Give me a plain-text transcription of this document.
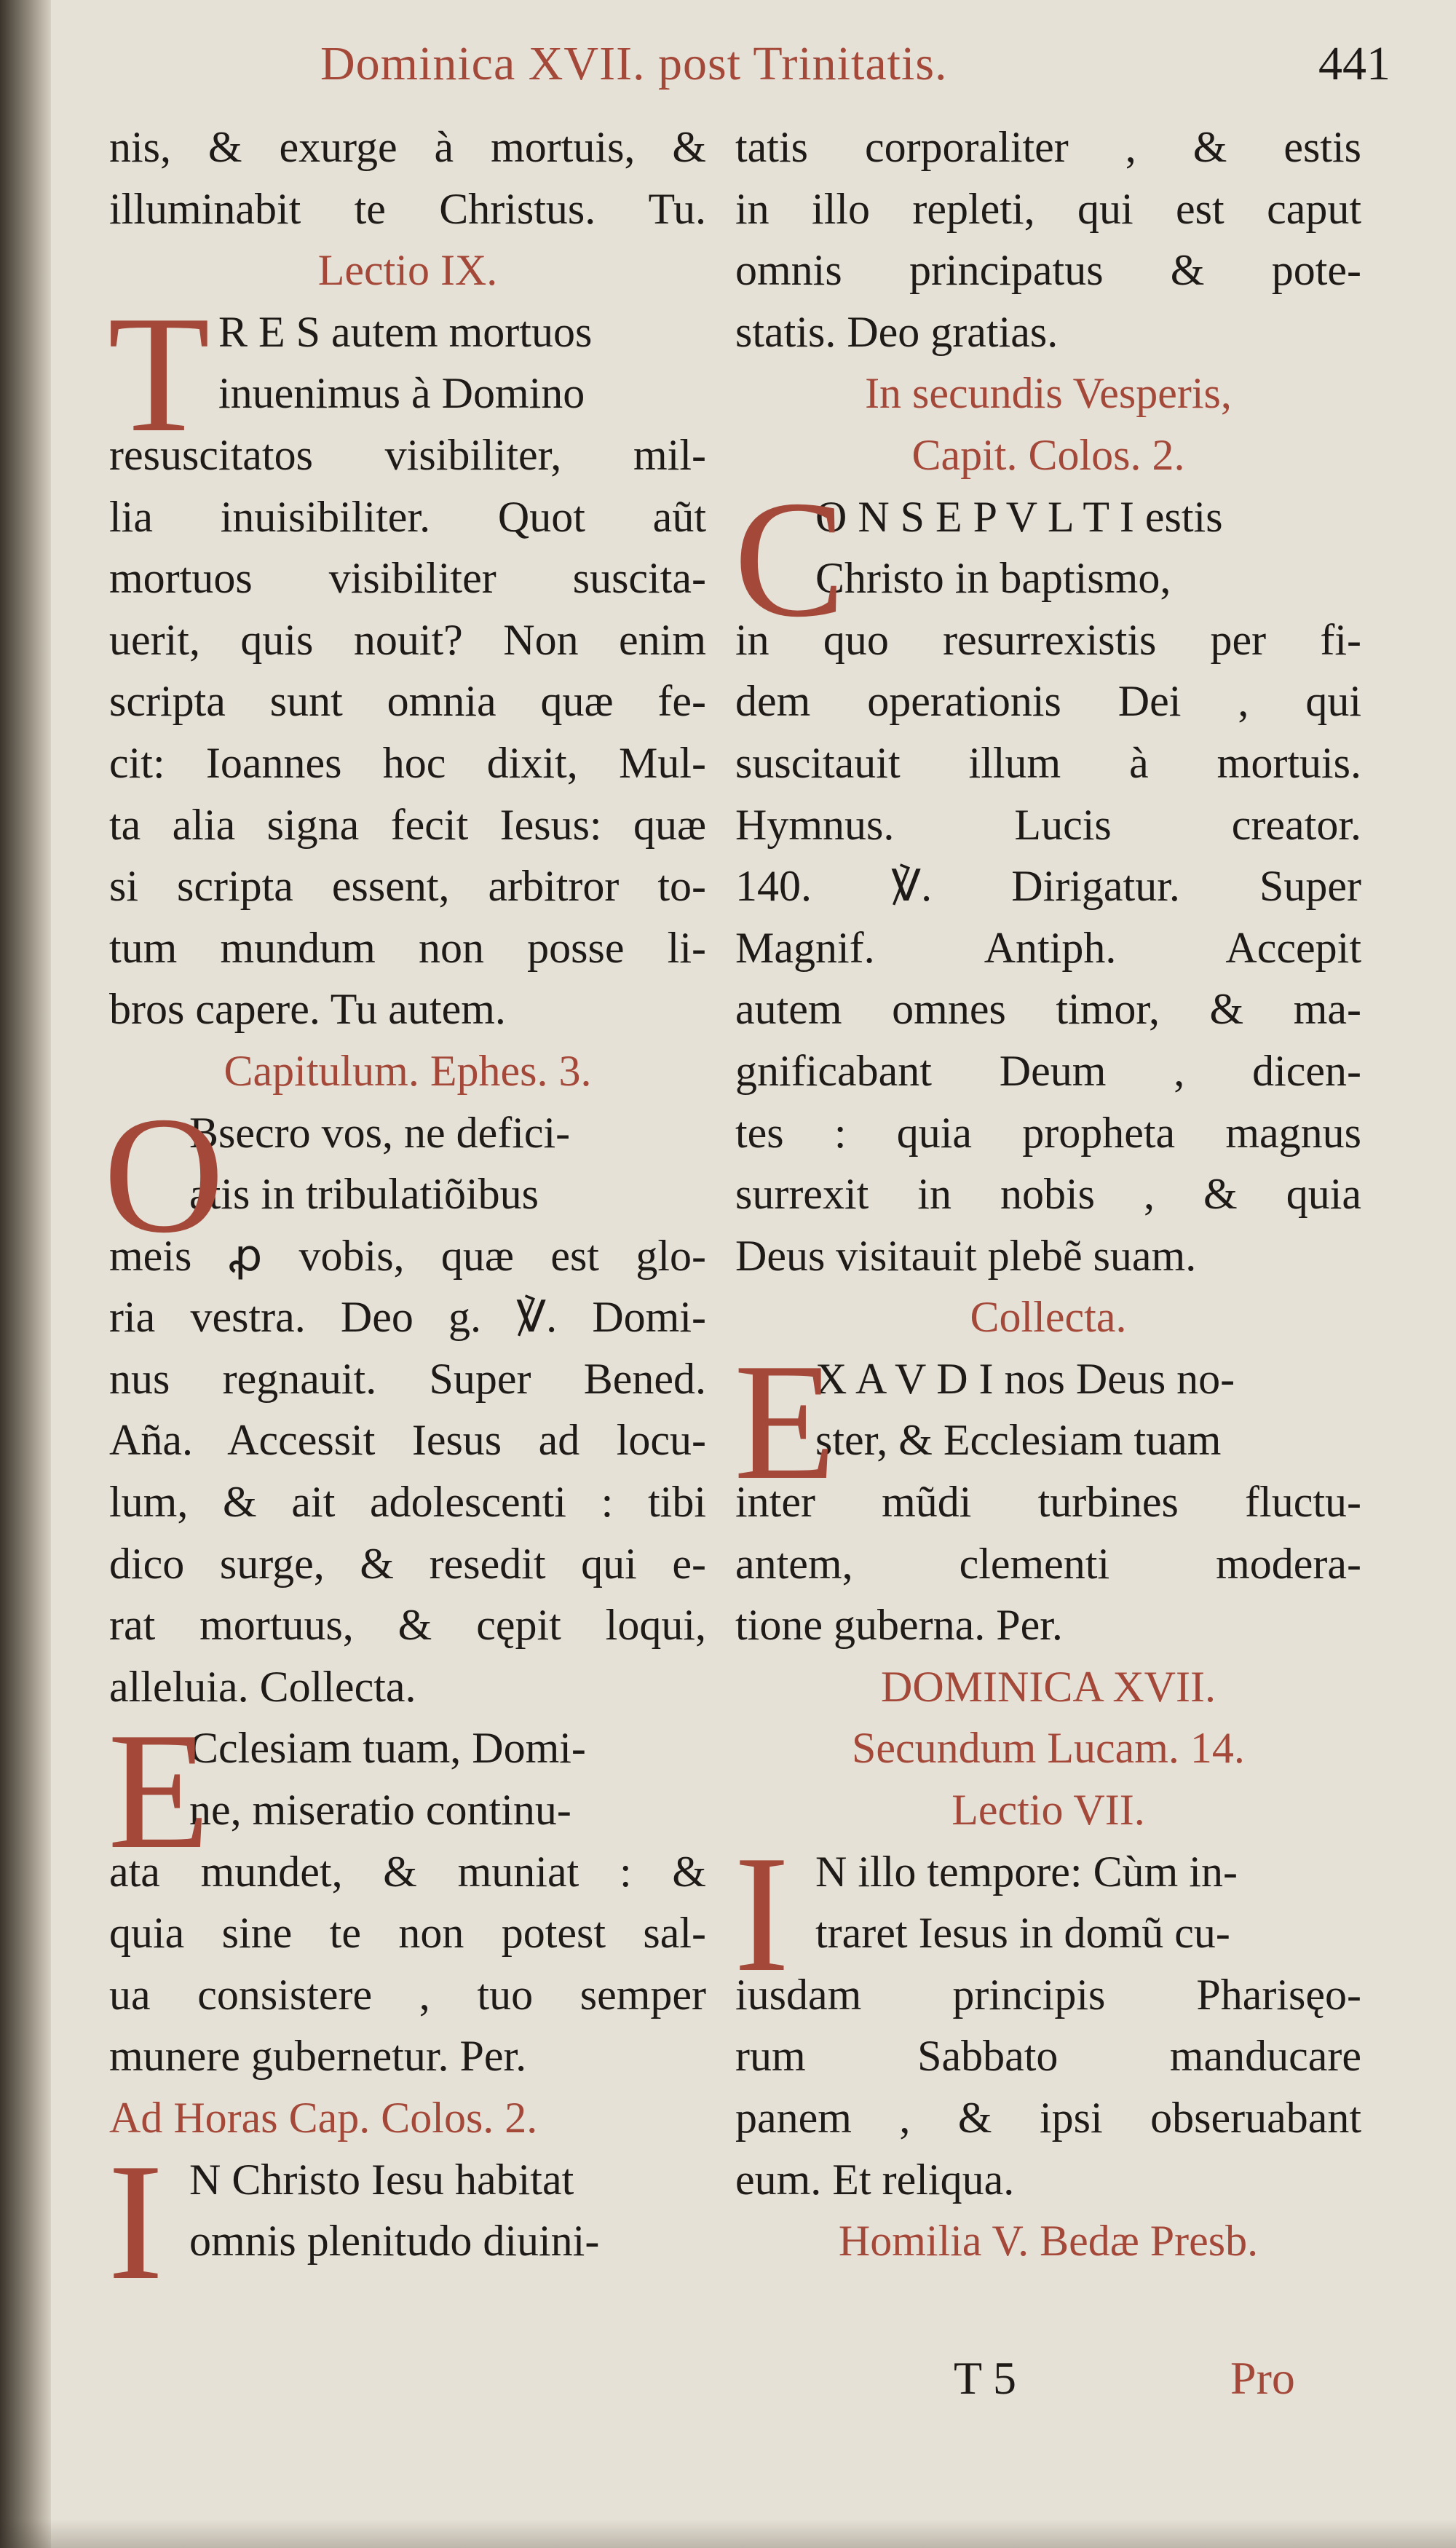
Dominica XVII. post Trinitatis.	441
nis, & exurge à mortuis, &
illuminabit te Christus. Tu.
Lectio IX.
R E S autem mortuos
inuenimus à Domino
resuscitatos visibiliter, mil-
lia inuisibiliter. Quot aũt
mortuos visibiliter suscita-
uerit, quis nouit? Non enim
scripta sunt omnia quæ fe-
cit: Ioannes hoc dixit, Mul-
ta alia signa fecit Iesus: quæ
si scripta essent, arbitror to-
tum mundum non posse li-
bros capere. Tu autem.
Capitulum. Ephes. 3.
Bsecro vos, ne defici-
atis in tribulatiõibus
meis ꝓ vobis, quæ est glo-
ria vestra. Deo g. ℣. Domi-
nus regnauit. Super Bened.
Aña. Accessit Iesus ad locu-
lum, & ait adolescenti : tibi
dico surge, & resedit qui e-
rat mortuus, & cępit loqui,
alleluia. Collecta.
Cclesiam tuam, Domi-
ne, miseratio continu-
ata mundet, & muniat : &
quia sine te non potest sal-
ua consistere , tuo semper
munere gubernetur. Per.
Ad Horas Cap. Colos. 2.
N Christo Iesu habitat
omnis plenitudo diuini-
tatis corporaliter , & estis
in illo repleti, qui est caput
omnis principatus & pote-
statis. Deo gratias.
In secundis Vesperis,
Capit. Colos. 2.
O N S E P V L T I estis
Christo in baptismo,
in quo resurrexistis per fi-
dem operationis Dei , qui
suscitauit illum à mortuis.
Hymnus. Lucis creator.
140. ℣. Dirigatur. Super
Magnif. Antiph. Accepit
autem omnes timor, & ma-
gnificabant Deum , dicen-
tes : quia propheta magnus
surrexit in nobis , & quia
Deus visitauit plebẽ suam.
Collecta.
X A V D I nos Deus no-
ster, & Ecclesiam tuam
inter mũdi turbines fluctu-
antem, clementi modera-
tione guberna. Per.
DOMINICA XVII.
Secundum Lucam. 14.
Lectio VII.
N illo tempore: Cùm in-
traret Iesus in domũ cu-
iusdam principis Pharisęo-
rum Sabbato manducare
panem , & ipsi obseruabant
eum. Et reliqua.
Homilia V. Bedæ Presb.
T
O
E
I
C
E
I
T 5	Pro
